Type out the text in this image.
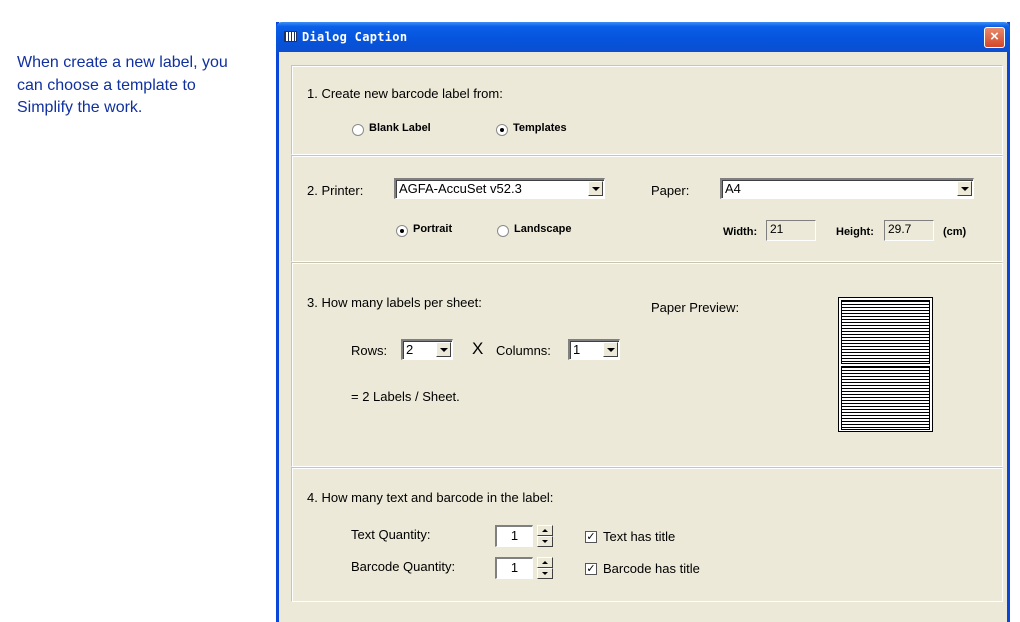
When create a new label, you
can choose a template to
Simplify the work.
Dialog Caption	×
1. Create new barcode label from:
Blank Label	Templates
2. Printer:	AGFA-AccuSet v52.3	Paper:	A4
Portrait	Landscape	Width:	21	Height:	29.7	(cm)
3. How many labels per sheet:	Paper Preview:
Rows:	2	X Columns:	1
= 2 Labels / Sheet.
4. How many text and barcode in the label:
Text Quantity:	1	✓ Text has title
Barcode Quantity:	1	✓ Barcode has title
